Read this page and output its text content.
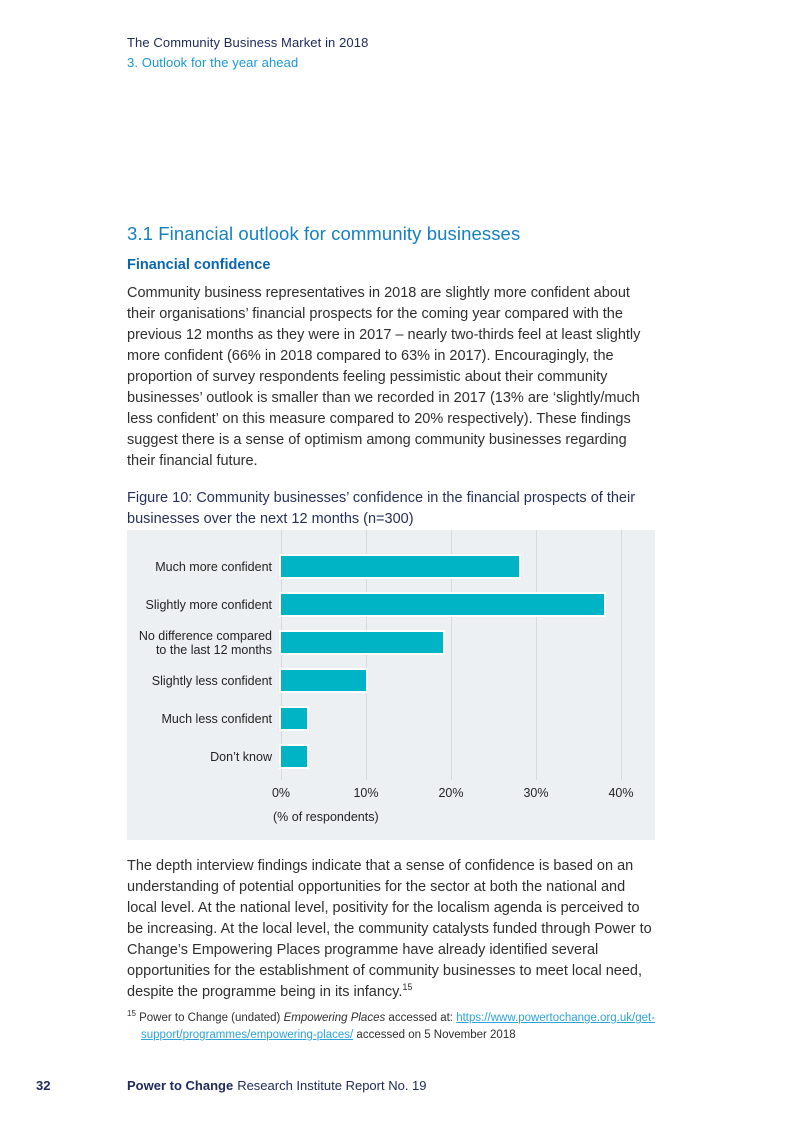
The Community Business Market in 2018
3. Outlook for the year ahead
3.1 Financial outlook for community businesses
Financial confidence

Community business representatives in 2018 are slightly more confident about their organisations’ financial prospects for the coming year compared with the previous 12 months as they were in 2017 – nearly two-thirds feel at least slightly more confident (66% in 2018 compared to 63% in 2017). Encouragingly, the proportion of survey respondents feeling pessimistic about their community businesses’ outlook is smaller than we recorded in 2017 (13% are ‘slightly/much less confident’ on this measure compared to 20% respectively). These findings suggest there is a sense of optimism among community businesses regarding their financial future.

Figure 10: Community businesses’ confidence in the financial prospects of their businesses over the next 12 months (n=300)

Much more confident
Slightly more confident
No difference compared to the last 12 months
Slightly less confident
Much less confident
Don’t know
0%	10%	20%	30%	40%
(% of respondents)

The depth interview findings indicate that a sense of confidence is based on an understanding of potential opportunities for the sector at both the national and local level. At the national level, positivity for the localism agenda is perceived to be increasing. At the local level, the community catalysts funded through Power to Change’s Empowering Places programme have already identified several opportunities for the establishment of community businesses to meet local need, despite the programme being in its infancy.$^{15}$

$^{15}$ Power to Change (undated) Empowering Places accessed at: https://www.powertochange.org.uk/get-support/programmes/empowering-places/ accessed on 5 November 2018
32	Power to Change Research Institute Report No. 19
